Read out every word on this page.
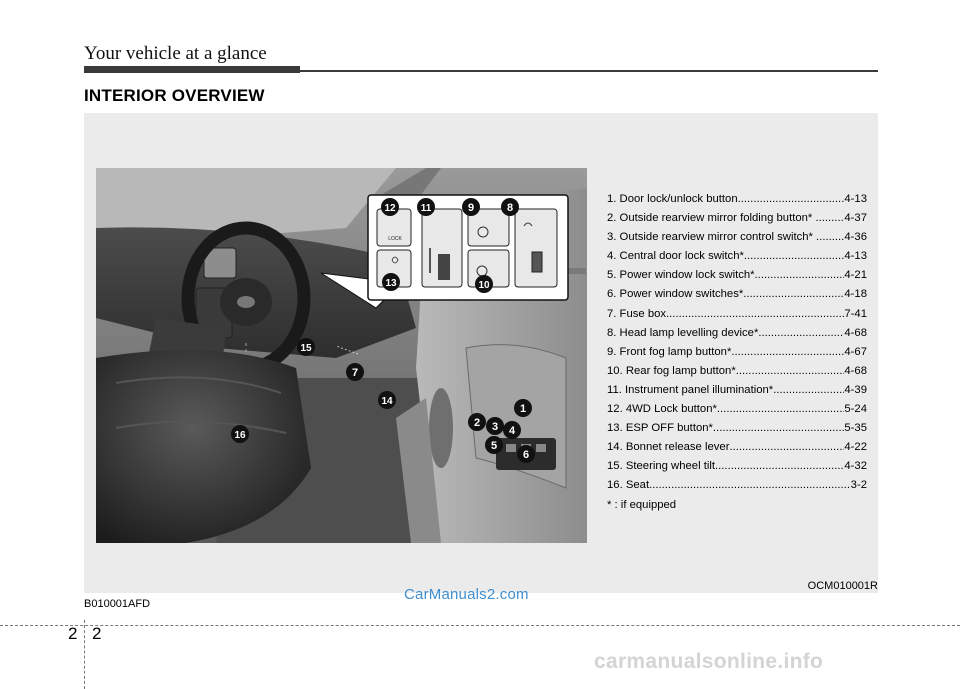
Your vehicle at a glance
INTERIOR OVERVIEW
LOCK
8
9
11
12
13	10
15
7
14
16
1
2 3 4
5
6
1. Door lock/unlock button .....	4-13
2. Outside rearview mirror folding button* .. ..... 4-37
3. Outside rearview mirror control switch* .. ..... 4-36
4. Central door lock switch* .....	4-13
5. Power window lock switch* .....	4-21
6. Power window switches* .....	4-18
7. Fuse box .....	7-41
8. Head lamp levelling device* .....	4-68
9. Front fog lamp button* .....	4-67
10. Rear fog lamp button* .....	4-68
11. Instrument panel illumination* .....	4-39
12. 4WD Lock button* .....	5-24
13. ESP OFF button* .....	5-35
14. Bonnet release lever .....	4-22
15. Steering wheel tilt .....	4-32
16. Seat .....	3-2
* : if equipped
OCM010001R
B010001AFD
CarManuals2.com
2 2
carmanualsonline.info
